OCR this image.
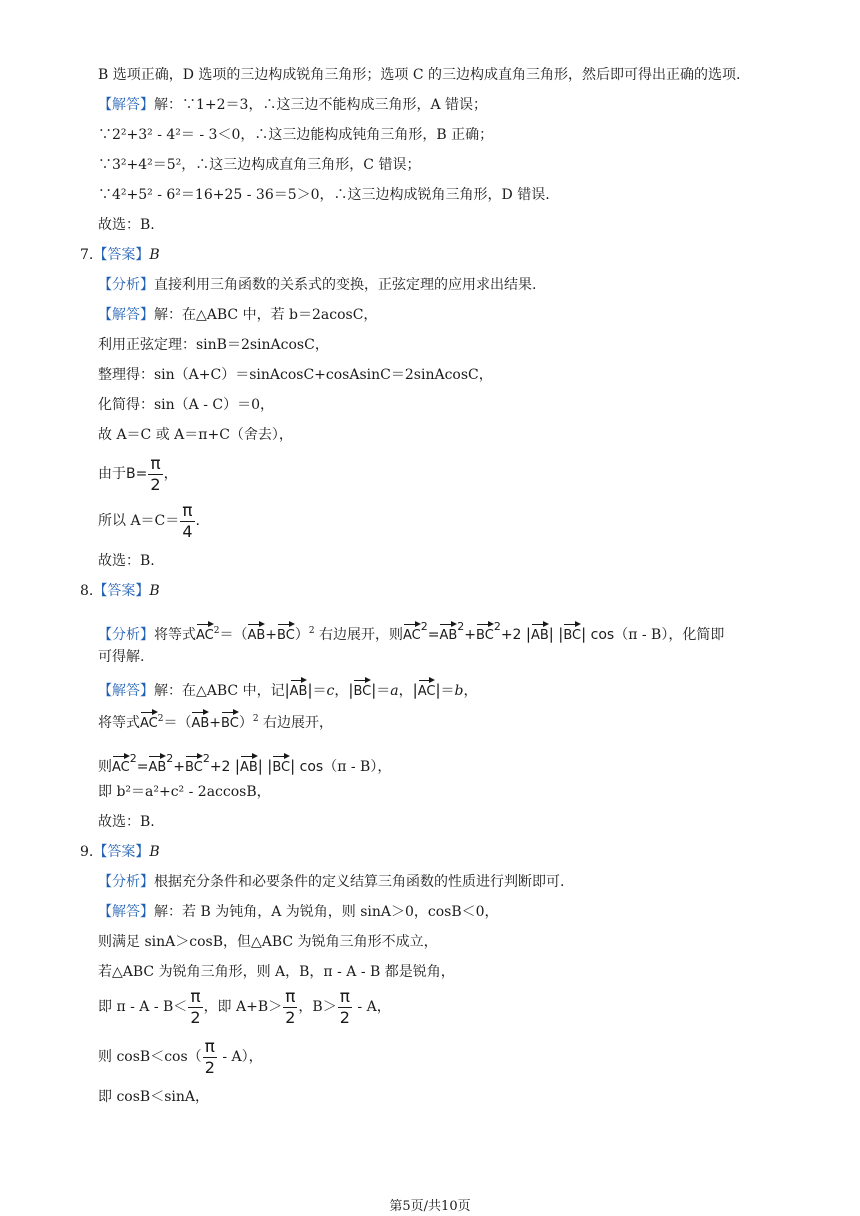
B 选项正确，D 选项的三边构成锐角三角形；选项 C 的三边构成直角三角形，然后即可得出正确的选项.
【解答】解：∵1+2＝3，∴这三边不能构成三角形，A 错误；
∵2²+3² - 4²＝ - 3＜0，∴这三边能构成钝角三角形，B 正确；
∵3²+4²＝5²，∴这三边构成直角三角形，C 错误；
∵4²+5² - 6²＝16+25 - 36＝5＞0，∴这三边构成锐角三角形，D 错误.
故选：B.
7.【答案】B
【分析】直接利用三角函数的关系式的变换，正弦定理的应用求出结果.
【解答】解：在△ABC 中，若 b＝2acosC，
利用正弦定理：sinB＝2sinAcosC，
整理得：sin（A+C）＝sinAcosC+cosAsinC＝2sinAcosC，
化简得：sin（A - C）＝0，
故 A＝C 或 A＝π+C（舍去），
由于$B= \frac{\pi}{2}$ ，
所以 $A=C= \frac{\pi}{4}$ .
故选：B.
8.【答案】B
【分析】将等式$AC^2=(AB+BC)^2$ 右边展开，则$AC^2=AB^2+BC^2+2$ |AB| |BC| cos（π - B），化简即
可得解.
【解答】解：在△ABC 中，记|AB|＝c，|BC|＝a，|AC|＝b，
将等式$AC^2=(AB+BC)^2$ 右边展开，
则$AC^2=AB^2+BC^2+2$ |AB| |BC| cos（π - B），
即 b²＝a²+c² - 2accosB，
故选：B.
9.【答案】B
【分析】根据充分条件和必要条件的定义结算三角函数的性质进行判断即可.
【解答】解：若 B 为钝角，A 为锐角，则 sinA＞0，cosB＜0，
则满足 sinA＞cosB，但△ABC 为锐角三角形不成立，
若△ABC 为锐角三角形，则 A，B，π - A - B 都是锐角，
即 $\pi - A - B< \frac{\pi}{2}$ ，即 $A+B> \frac{\pi}{2}$ ，$B> \frac{\pi}{2} - A$，
则 $\cos B<\cos( \frac{\pi}{2} - A)$，
即 cosB＜sinA，
第5页/共10页
